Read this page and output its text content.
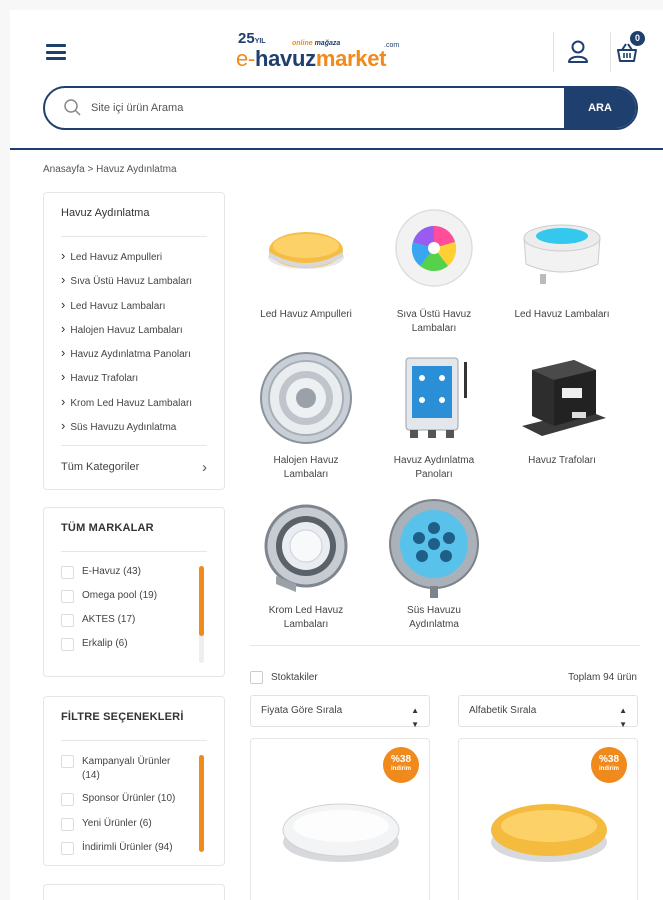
25YIL	online mağaza
e-havuzmarket
.com
0
Site içi ürün Arama
ARA
Anasayfa > Havuz Aydınlatma
Havuz Aydınlatma
› Led Havuz Ampulleri
› Sıva Üstü Havuz Lambaları
› Led Havuz Lambaları
› Halojen Havuz Lambaları
› Havuz Aydınlatma Panoları
› Havuz Trafoları
› Krom Led Havuz Lambaları
› Süs Havuzu Aydınlatma
Tüm Kategoriler	›
TÜM MARKALAR
E-Havuz (43)
Omega pool (19)
AKTES (17)
Erkalip (6)
FİLTRE SEÇENEKLERİ
Kampanyalı Ürünler
(14)
Sponsor Ürünler (10)
Yeni Ürünler (6)
İndirimli Ürünler (94)
Led Havuz Ampulleri	Sıva Üstü Havuz
Lambaları
Led Havuz Lambaları
Halojen Havuz
Lambaları
Havuz Aydınlatma
Panoları
Havuz Trafoları
Krom Led Havuz
Lambaları
Süs Havuzu
Aydınlatma
Stoktakiler	Toplam 94 ürün
Fiyata Göre Sırala	▲
▼
Alfabetik Sırala	▲
▼
%38
indirim
%38
indirim
